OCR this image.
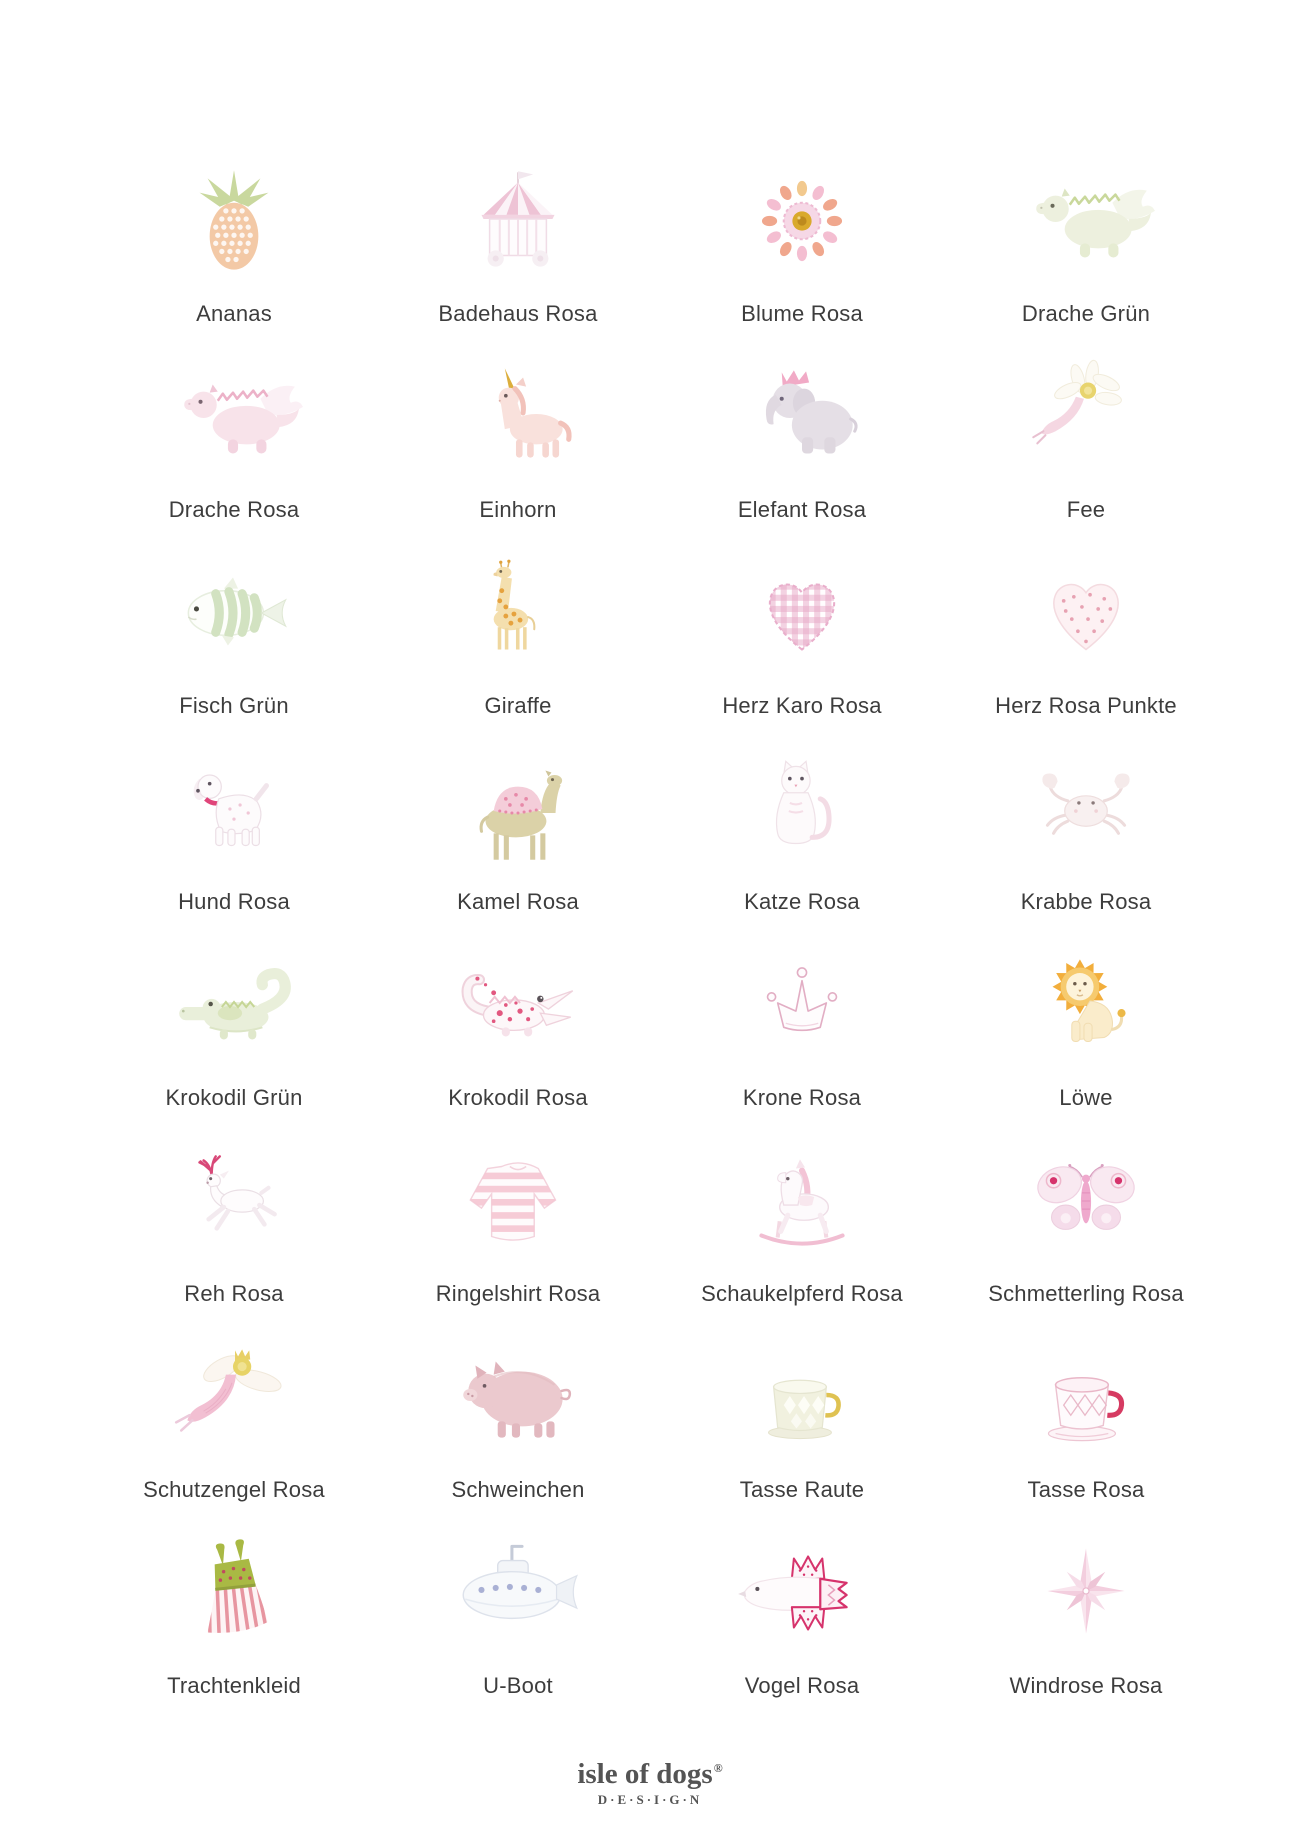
Ananas	Badehaus Rosa	Blume Rosa	Drache Grün
Drache Rosa	Einhorn	Elefant Rosa	Fee
Fisch Grün	Giraffe	Herz Karo Rosa	Herz Rosa Punkte
Hund Rosa	Kamel Rosa	Katze Rosa	Krabbe Rosa
Krokodil Grün	Krokodil Rosa	Krone Rosa	Löwe
Reh Rosa	Ringelshirt Rosa	Schaukelpferd Rosa	Schmetterling Rosa
Schutzengel Rosa	Schweinchen	Tasse Raute	Tasse Rosa
Trachtenkleid	U-Boot	Vogel Rosa	Windrose Rosa
isle of dogs®
D·E·S·I·G·N
